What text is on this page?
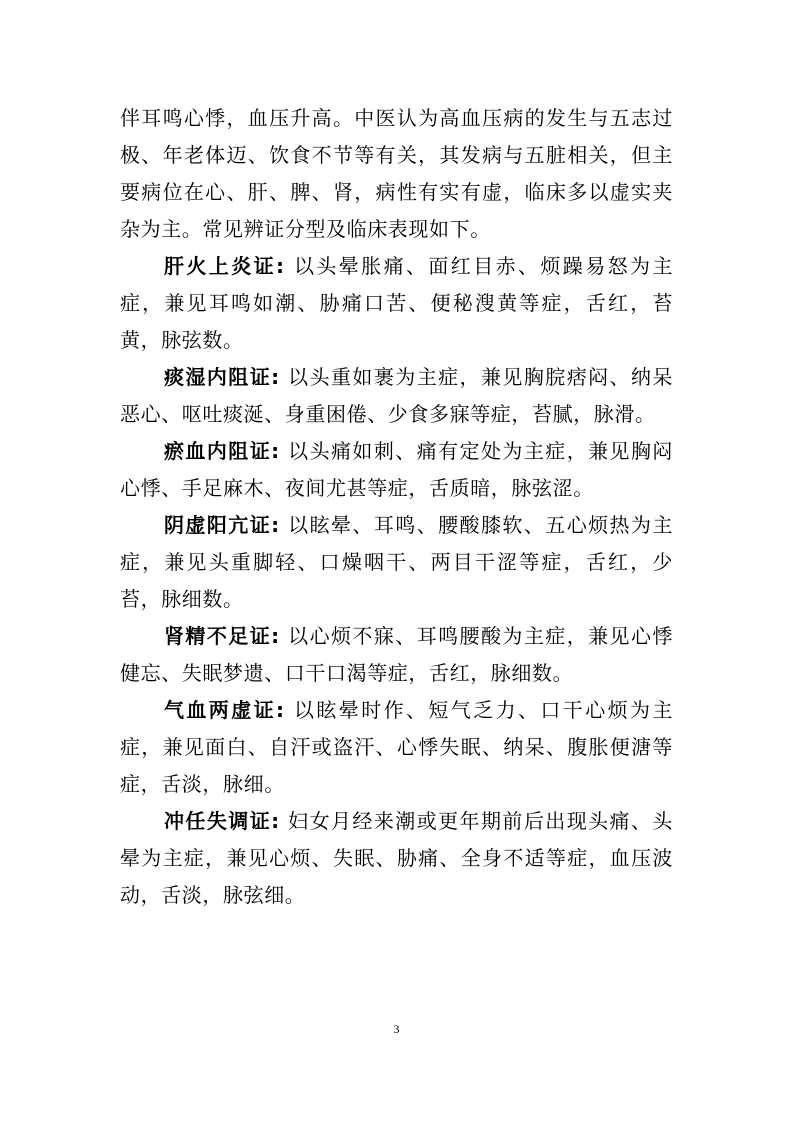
伴耳鸣心悸，血压升高。中医认为高血压病的发生与五志过极、年老体迈、饮食不节等有关，其发病与五脏相关，但主要病位在心、肝、脾、肾，病性有实有虚，临床多以虚实夹杂为主。常见辨证分型及临床表现如下。

肝火上炎证: 以头晕胀痛、面红目赤、烦躁易怒为主症，兼见耳鸣如潮、胁痛口苦、便秘溲黄等症，舌红，苔黄，脉弦数。

痰湿内阻证: 以头重如裹为主症，兼见胸脘痞闷、纳呆恶心、呕吐痰涎、身重困倦、少食多寐等症，苔腻，脉滑。

瘀血内阻证: 以头痛如刺、痛有定处为主症，兼见胸闷心悸、手足麻木、夜间尤甚等症，舌质暗，脉弦涩。

阴虚阳亢证: 以眩晕、耳鸣、腰酸膝软、五心烦热为主症，兼见头重脚轻、口燥咽干、两目干涩等症，舌红，少苔，脉细数。

肾精不足证: 以心烦不寐、耳鸣腰酸为主症，兼见心悸健忘、失眠梦遗、口干口渴等症，舌红，脉细数。

气血两虚证: 以眩晕时作、短气乏力、口干心烦为主症，兼见面白、自汗或盗汗、心悸失眠、纳呆、腹胀便溏等症，舌淡，脉细。

冲任失调证: 妇女月经来潮或更年期前后出现头痛、头晕为主症，兼见心烦、失眠、胁痛、全身不适等症，血压波动，舌淡，脉弦细。

3
